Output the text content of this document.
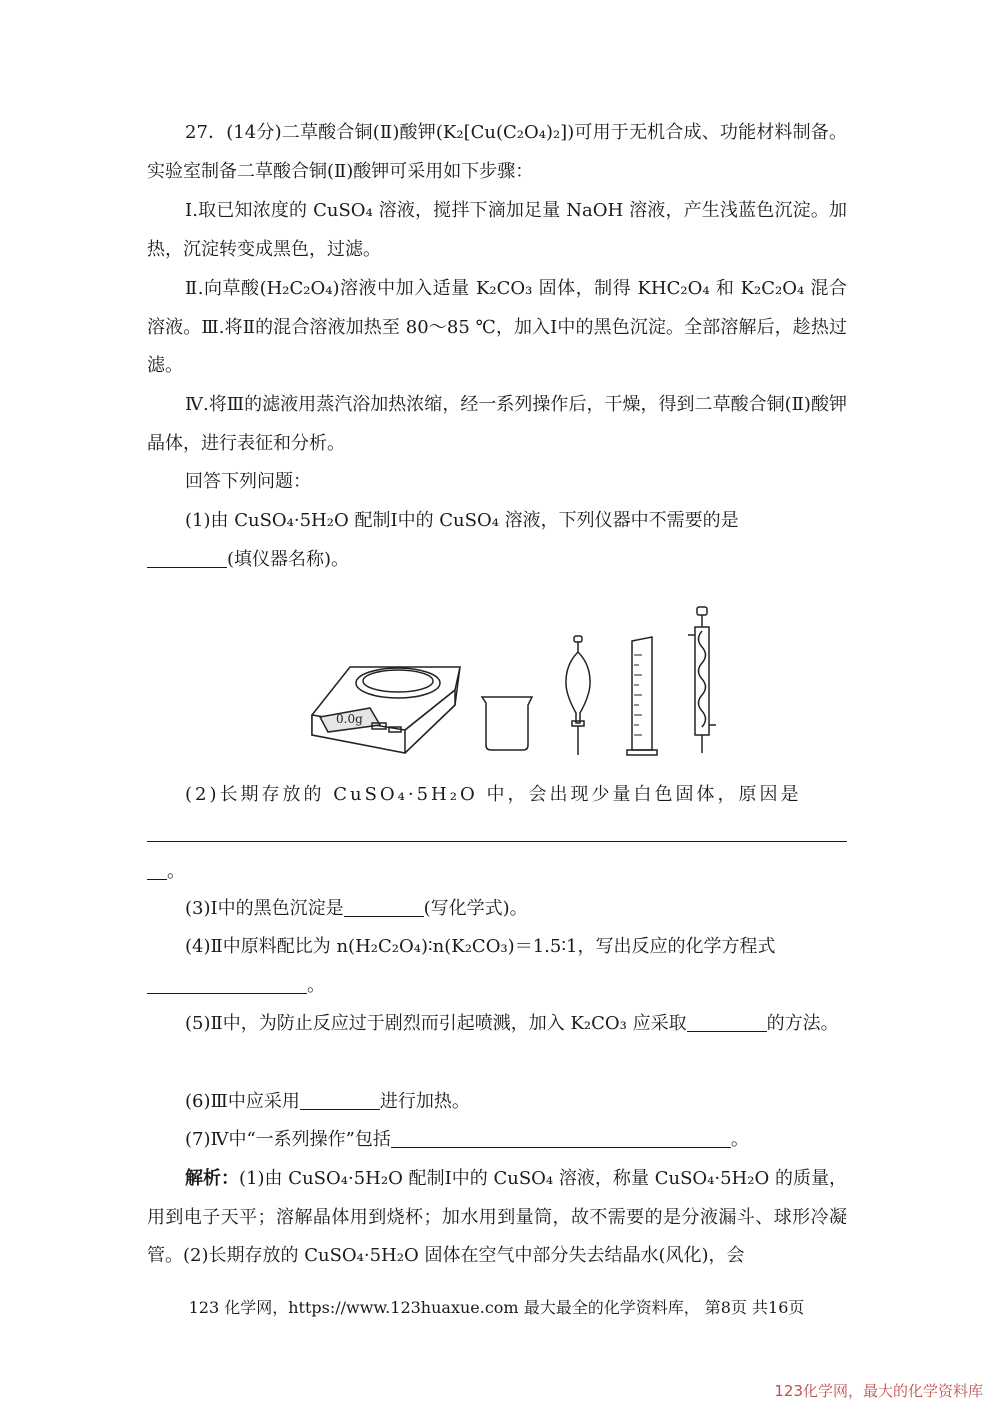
27．(14分)二草酸合铜(Ⅱ)酸钾(K₂[Cu(C₂O₄)₂])可用于无机合成、功能材料制备。实验室制备二草酸合铜(Ⅱ)酸钾可采用如下步骤：
Ⅰ.取已知浓度的 CuSO₄ 溶液，搅拌下滴加足量 NaOH 溶液，产生浅蓝色沉淀。加热，沉淀转变成黑色，过滤。
Ⅱ.向草酸(H₂C₂O₄)溶液中加入适量 K₂CO₃ 固体，制得 KHC₂O₄ 和 K₂C₂O₄ 混合溶液。Ⅲ.将Ⅱ的混合溶液加热至 80～85 ℃，加入Ⅰ中的黑色沉淀。全部溶解后，趁热过滤。
Ⅳ.将Ⅲ的滤液用蒸汽浴加热浓缩，经一系列操作后，干燥，得到二草酸合铜(Ⅱ)酸钾晶体，进行表征和分析。
回答下列问题：
(1)由 CuSO₄·5H₂O 配制Ⅰ中的 CuSO₄ 溶液，下列仪器中不需要的是
(填仪器名称)。
(2)长期存放的 CuSO₄·5H₂O 中，会出现少量白色固体，原因是
。
(3)Ⅰ中的黑色沉淀是	(写化学式)。
(4)Ⅱ中原料配比为 n(H₂C₂O₄)∶n(K₂CO₃)＝1.5∶1，写出反应的化学方程式
。
(5)Ⅱ中，为防止反应过于剧烈而引起喷溅，加入 K₂CO₃ 应采取	的方法。
(6)Ⅲ中应采用	进行加热。
(7)Ⅳ中“一系列操作”包括	。
解析：(1)由 CuSO₄·5H₂O 配制Ⅰ中的 CuSO₄ 溶液，称量 CuSO₄·5H₂O 的质量，用到电子天平；溶解晶体用到烧杯；加水用到量筒，故不需要的是分液漏斗、球形冷凝管。(2)长期存放的 CuSO₄·5H₂O 固体在空气中部分失去结晶水(风化)，会
0.0g
123 化学网，https://www.123huaxue.com 最大最全的化学资料库， 第8页 共16页
123化学网，最大的化学资料库
